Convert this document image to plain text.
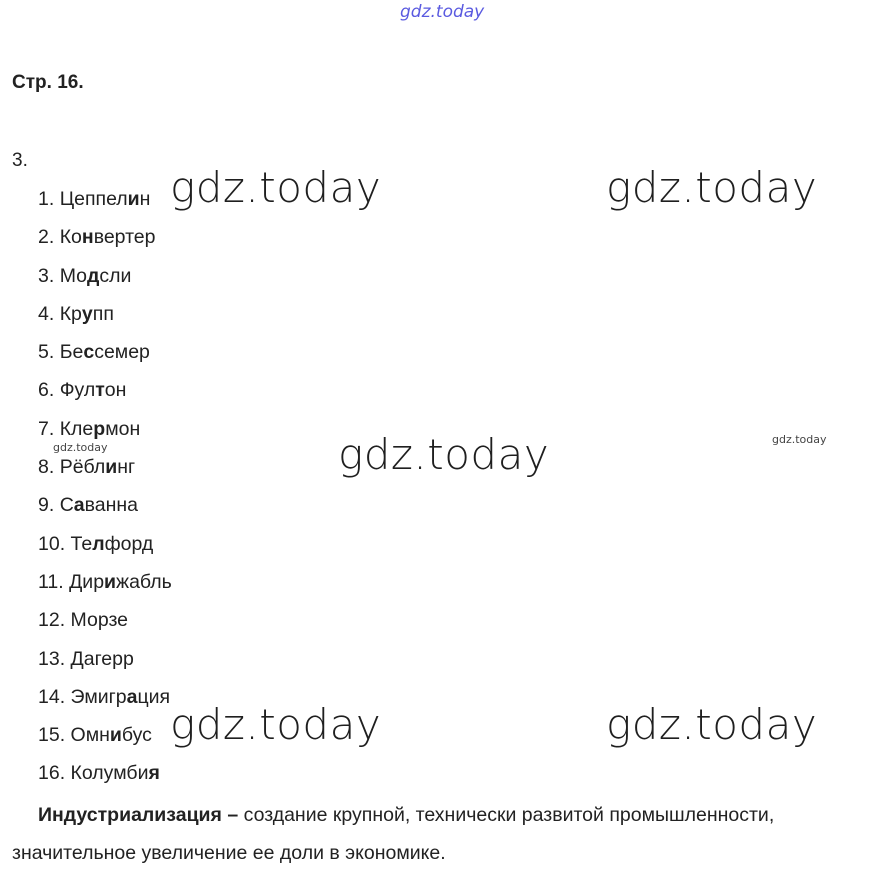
gdz.today
Стр. 16.
3.
1. Цеппелин
2. Конвертер
3. Модсли
4. Крупп
5. Бессемер
6. Фултон
7. Клермон
8. Рёблинг
9. Саванна
10. Телфорд
11. Дирижабль
12. Морзе
13. Дагерр
14. Эмиграция
15. Омнибус
16. Колумбия
Индустриализация – создание крупной, технически развитой промышленности,
значительное увеличение ее доли в экономике.
gdz.today	gdz.today
gdz.today
gdz.today	gdz.today
gdz.today
gdz.today
